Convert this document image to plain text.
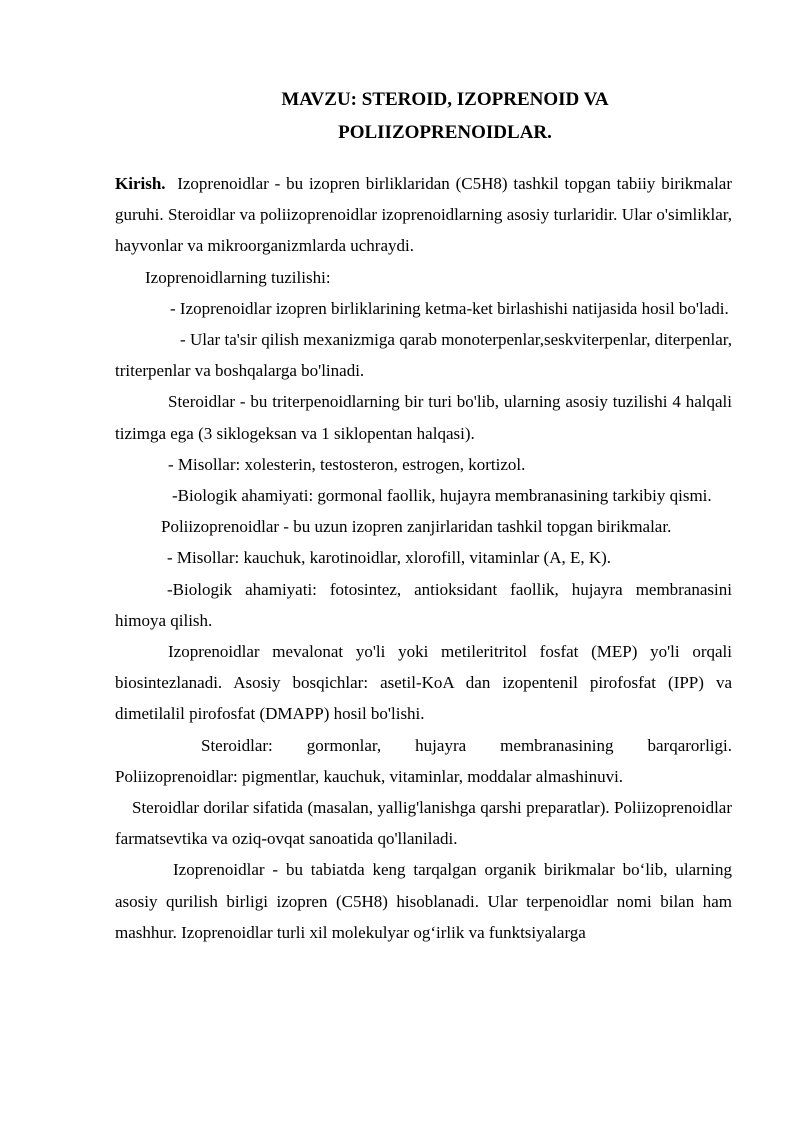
MAVZU: STEROID, IZOPRENOID VA
POLIIZOPRENOIDLAR.

Kirish. Izoprenoidlar - bu izopren birliklaridan (C5H8) tashkil topgan tabiiy birikmalar guruhi. Steroidlar va poliizoprenoidlar izoprenoidlarning asosiy turlaridir. Ular o'simliklar, hayvonlar va mikroorganizmlarda uchraydi.

Izoprenoidlarning tuzilishi:

- Izoprenoidlar izopren birliklarining ketma-ket birlashishi natijasida hosil bo'ladi.

- Ular ta'sir qilish mexanizmiga qarab monoterpenlar,seskviterpenlar, diterpenlar, triterpenlar va boshqalarga bo'linadi.

Steroidlar - bu triterpenoidlarning bir turi bo'lib, ularning asosiy tuzilishi 4 halqali tizimga ega (3 siklogeksan va 1 siklopentan halqasi).

- Misollar: xolesterin, testosteron, estrogen, kortizol.

-Biologik ahamiyati: gormonal faollik, hujayra membranasining tarkibiy qismi.

Poliizoprenoidlar - bu uzun izopren zanjirlaridan tashkil topgan birikmalar.

- Misollar: kauchuk, karotinoidlar, xlorofill, vitaminlar (A, E, K).

-Biologik ahamiyati: fotosintez, antioksidant faollik, hujayra membranasini himoya qilish.

Izoprenoidlar mevalonat yo'li yoki metileritritol fosfat (MEP) yo'li orqali biosintezlanadi. Asosiy bosqichlar: asetil-KoA dan izopentenil pirofosfat (IPP) va dimetilalil pirofosfat (DMAPP) hosil bo'lishi.

Steroidlar: gormonlar, hujayra membranasining barqarorligi. Poliizoprenoidlar: pigmentlar, kauchuk, vitaminlar, moddalar almashinuvi.

Steroidlar dorilar sifatida (masalan, yallig'lanishga qarshi preparatlar). Poliizoprenoidlar farmatsevtika va oziq-ovqat sanoatida qo'llaniladi.

Izoprenoidlar - bu tabiatda keng tarqalgan organik birikmalar bo‘lib, ularning asosiy qurilish birligi izopren (C5H8) hisoblanadi. Ular terpenoidlar nomi bilan ham mashhur. Izoprenoidlar turli xil molekulyar og‘irlik va funktsiyalarga
